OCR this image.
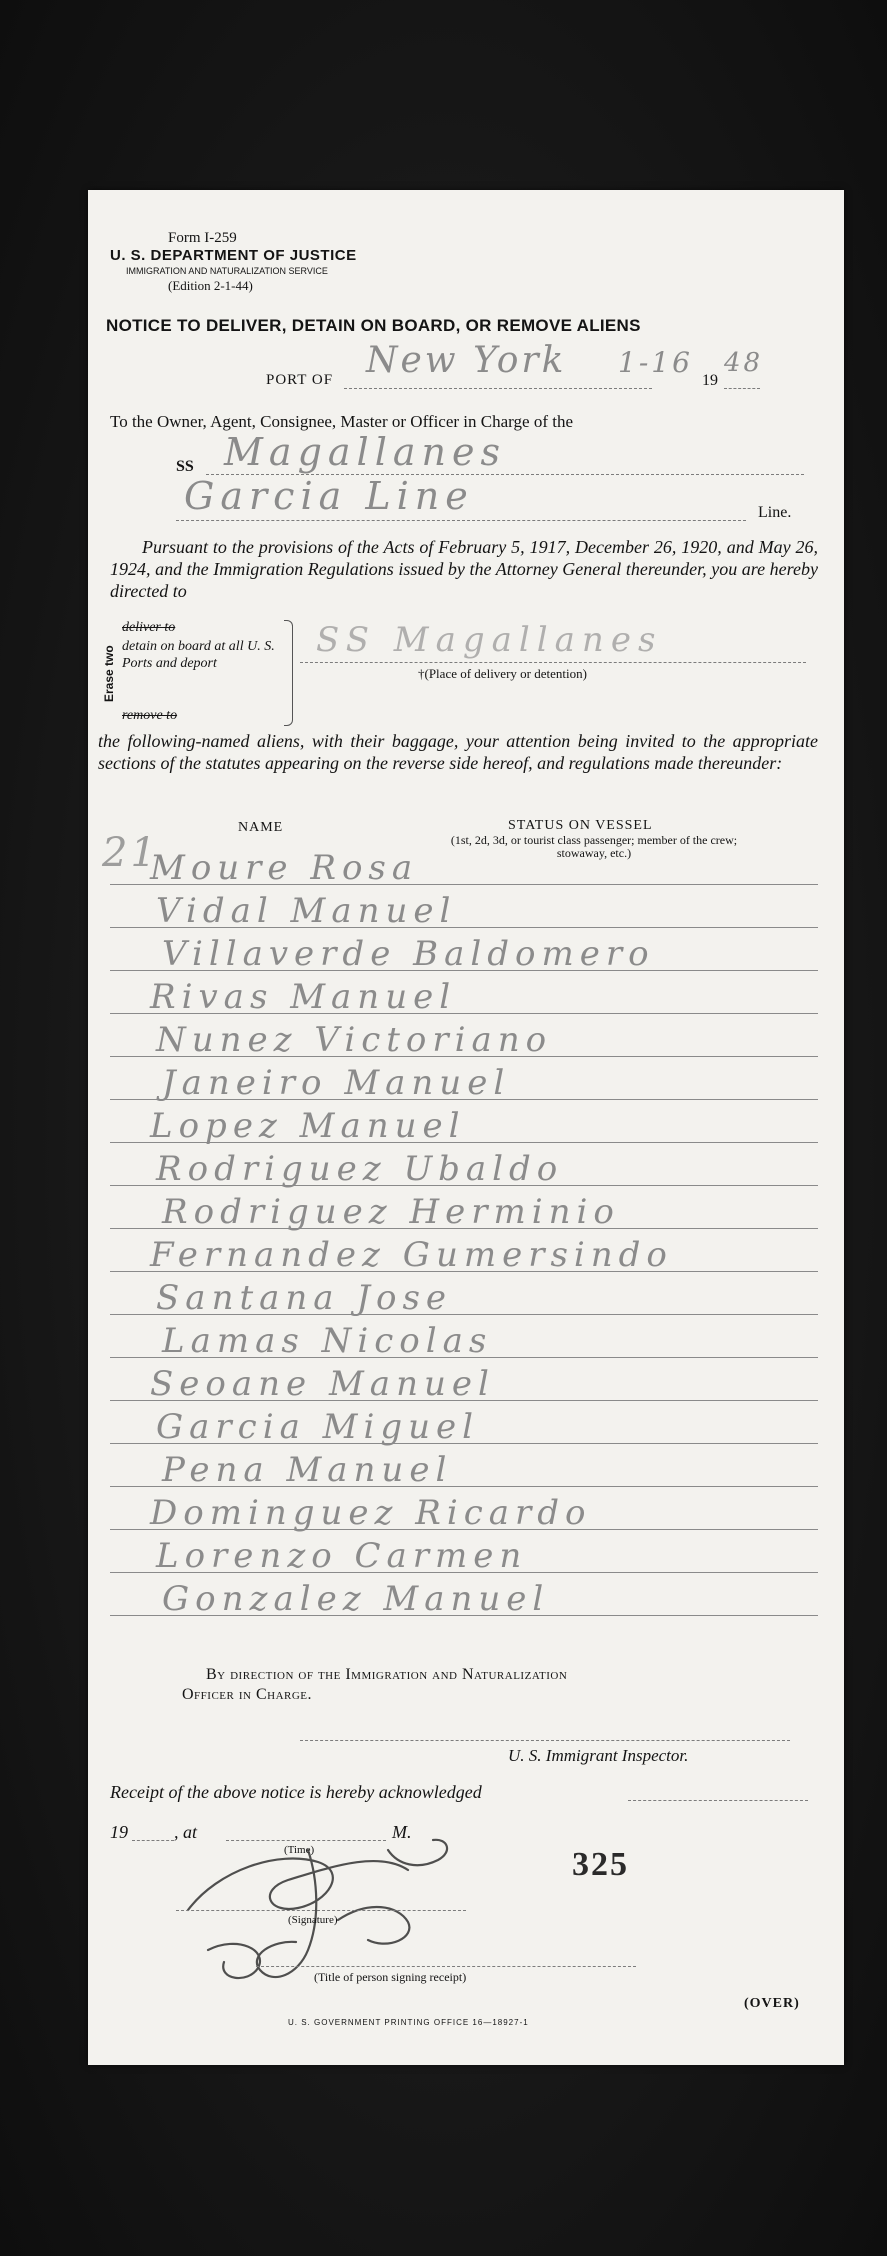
Form I-259
U. S. DEPARTMENT OF JUSTICE
IMMIGRATION AND NATURALIZATION SERVICE
(Edition 2-1-44)
NOTICE TO DELIVER, DETAIN ON BOARD, OR REMOVE ALIENS
PORT OF	19
New York 1-16 48
To the Owner, Agent, Consignee, Master or Officer in Charge of the
SS Magallanes
Garcia Line	Line.
Pursuant to the provisions of the Acts of February 5, 1917, December 26, 1920, and May 26, 1924, and the Immigration Regulations issued by the Attorney General thereunder, you are hereby directed to
Erase two
deliver to
detain on board at all U. S. Ports and deport
remove to
SS Magallanes
†(Place of delivery or detention)
the following-named aliens, with their baggage, your attention being invited to the appropriate sections of the statutes appearing on the reverse side hereof, and regulations made thereunder:
NAME	STATUS ON VESSEL
(1st, 2d, 3d, or tourist class passenger; member of the crew; stowaway, etc.)
21
Moure Rosa
Vidal Manuel
Villaverde Baldomero
Rivas Manuel
Nunez Victoriano
Janeiro Manuel
Lopez Manuel
Rodriguez Ubaldo
Rodriguez Herminio
Fernandez Gumersindo
Santana Jose
Lamas Nicolas
Seoane Manuel
Garcia Miguel
Pena Manuel
Dominguez Ricardo
Lorenzo Carmen
Gonzalez Manuel
By direction of the Immigration and Naturalization
Officer in Charge.
U. S. Immigrant Inspector.
Receipt of the above notice is hereby acknowledged
19	, at	M.
(Time)	325
(Signature)
(Title of person signing receipt)
(OVER)
U. S. GOVERNMENT PRINTING OFFICE 16—18927-1
